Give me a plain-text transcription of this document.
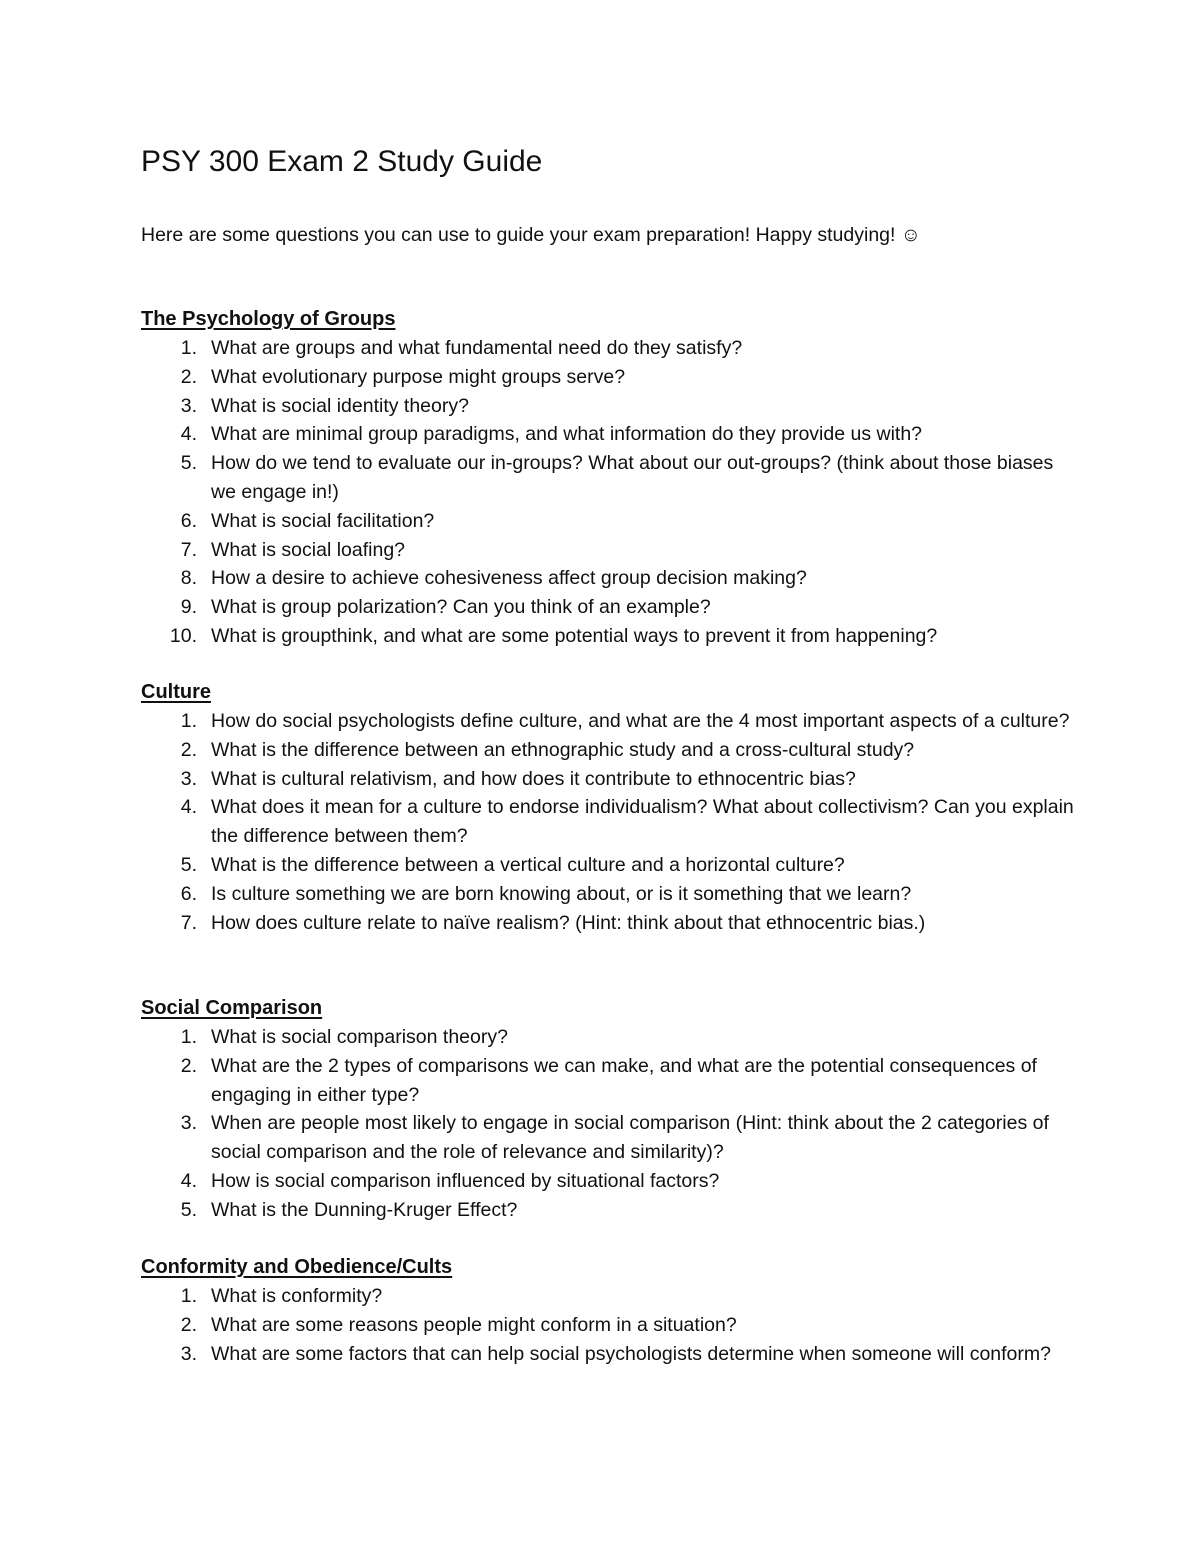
PSY 300 Exam 2 Study Guide

Here are some questions you can use to guide your exam preparation! Happy studying! ☺

The Psychology of Groups
1. What are groups and what fundamental need do they satisfy?
2. What evolutionary purpose might groups serve?
3. What is social identity theory?
4. What are minimal group paradigms, and what information do they provide us with?
5. How do we tend to evaluate our in-groups? What about our out-groups? (think about those biases we engage in!)
6. What is social facilitation?
7. What is social loafing?
8. How a desire to achieve cohesiveness affect group decision making?
9. What is group polarization? Can you think of an example?
10. What is groupthink, and what are some potential ways to prevent it from happening?
Culture
1. How do social psychologists define culture, and what are the 4 most important aspects of a culture?
2. What is the difference between an ethnographic study and a cross-cultural study?
3. What is cultural relativism, and how does it contribute to ethnocentric bias?
4. What does it mean for a culture to endorse individualism? What about collectivism? Can you explain the difference between them?
5. What is the difference between a vertical culture and a horizontal culture?
6. Is culture something we are born knowing about, or is it something that we learn?
7. How does culture relate to naïve realism? (Hint: think about that ethnocentric bias.)
Social Comparison
1. What is social comparison theory?
2. What are the 2 types of comparisons we can make, and what are the potential consequences of engaging in either type?
3. When are people most likely to engage in social comparison (Hint: think about the 2 categories of social comparison and the role of relevance and similarity)?
4. How is social comparison influenced by situational factors?
5. What is the Dunning-Kruger Effect?
Conformity and Obedience/Cults
1. What is conformity?
2. What are some reasons people might conform in a situation?
3. What are some factors that can help social psychologists determine when someone will conform?
